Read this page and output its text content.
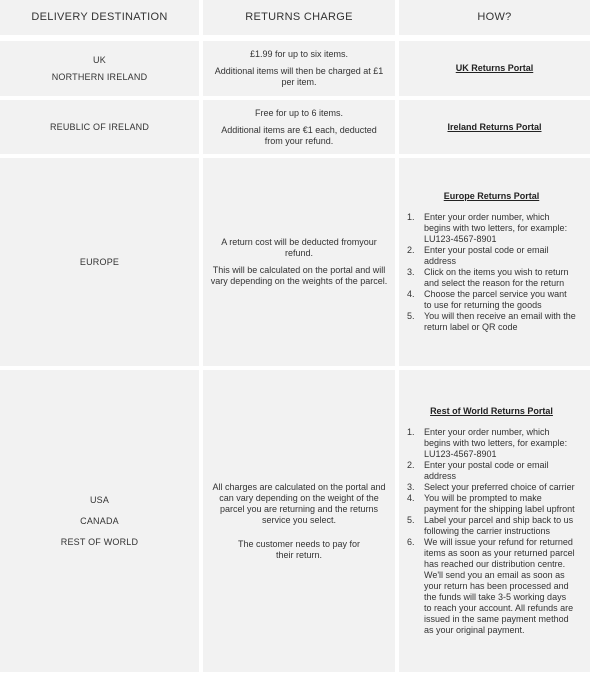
DELIVERY DESTINATION	RETURNS CHARGE	HOW?

UK

NORTHERN IRELAND

£1.99 for up to six items.

Additional items will then be charged at £1 per item.

UK Returns Portal

REUBLIC OF IRELAND

Free for up to 6 items.

Additional items are €1 each, deducted from your refund.

Ireland Returns Portal

EUROPE

A return cost will be deducted fromyour refund.

This will be calculated on the portal and will vary depending on the weights of the parcel.

Europe Returns Portal
Enter your order number, which begins with two letters, for example: LU123-4567-8901
Enter your postal code or email address
Click on the items you wish to return and select the reason for the return
Choose the parcel service you want to use for returning the goods
You will then receive an email with the return label or QR code

USA

CANADA

REST OF WORLD

All charges are calculated on the portal and can vary depending on the weight of the parcel you are returning and the returns service you select.

The customer needs to pay for their return.

Rest of World Returns Portal
Enter your order number, which begins with two letters, for example: LU123-4567-8901
Enter your postal code or email address
Select your preferred choice of carrier
You will be prompted to make payment for the shipping label upfront
Label your parcel and ship back to us following the carrier instructions
We will issue your refund for returned items as soon as your returned parcel has reached our distribution centre. We'll send you an email as soon as your return has been processed and the funds will take 3-5 working days to reach your account. All refunds are issued in the same payment method as your original payment.
